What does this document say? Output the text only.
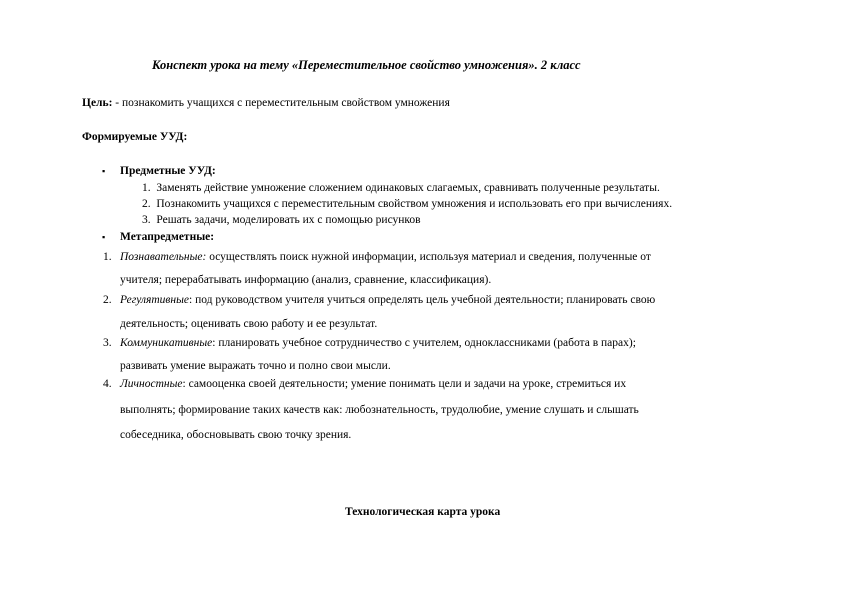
Конспект урока на тему «Переместительное свойство умножения». 2 класс
Цель: - познакомить учащихся с переместительным свойством умножения
Формируемые УУД:
▪ Предметные УУД:
1. Заменять действие умножение сложением одинаковых слагаемых, сравнивать полученные результаты.
2. Познакомить учащихся с переместительным свойством умножения и использовать его при вычислениях.
3. Решать задачи, моделировать их с помощью рисунков
▪ Метапредметные:
1. Познавательные: осуществлять поиск нужной информации, используя материал и сведения, полученные от
учителя; перерабатывать информацию (анализ, сравнение, классификация).
2. Регулятивные: под руководством учителя учиться определять цель учебной деятельности; планировать свою
деятельность; оценивать свою работу и ее результат.
3. Коммуникативные: планировать учебное сотрудничество с учителем, одноклассниками (работа в парах);
развивать умение выражать точно и полно свои мысли.
4. Личностные: самооценка своей деятельности; умение понимать цели и задачи на уроке, стремиться их
выполнять; формирование таких качеств как: любознательность, трудолюбие, умение слушать и слышать
собеседника, обосновывать свою точку зрения.
Технологическая карта урока
